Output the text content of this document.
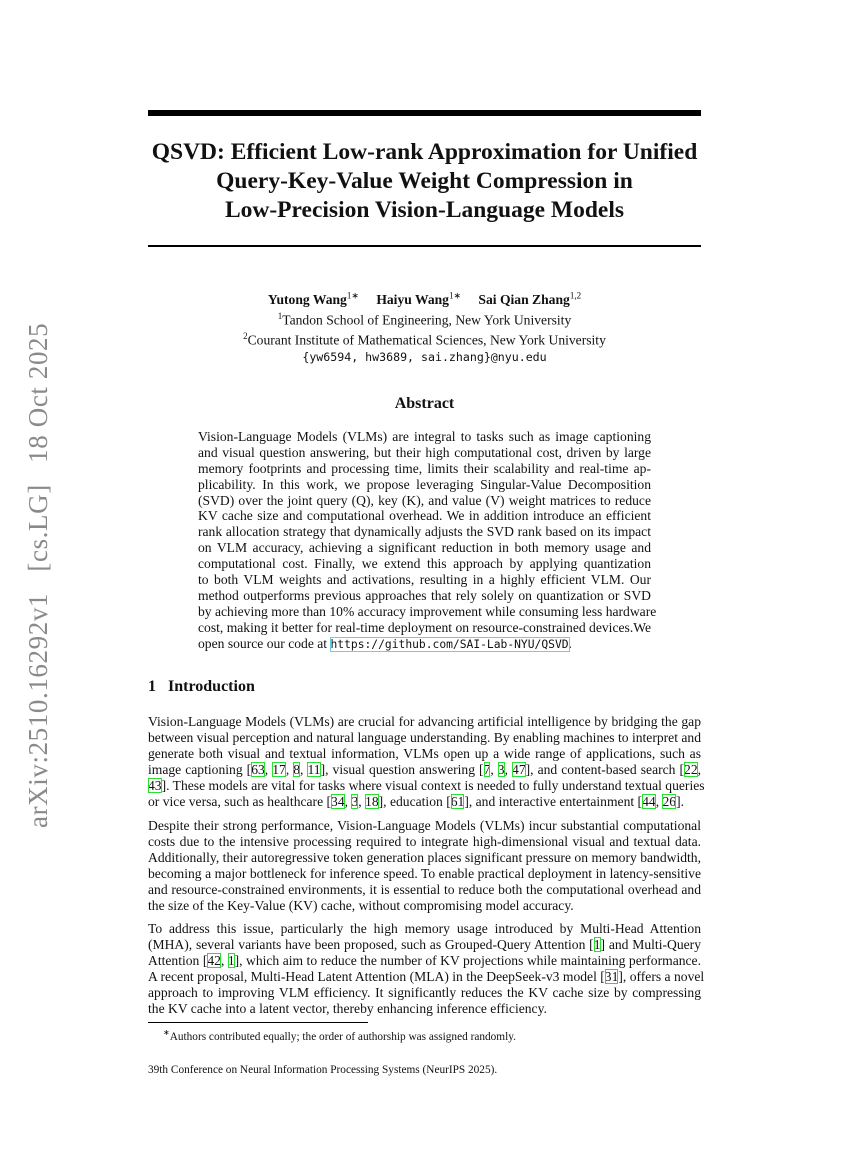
arXiv:2510.16292v1 [cs.LG] 18 Oct 2025
QSVD: Efficient Low-rank Approximation for Unified
Query-Key-Value Weight Compression in
Low-Precision Vision-Language Models
Yutong Wang$^{1∗}$ Haiyu Wang$^{1∗}$ Sai Qian Zhang$^{1,2}$
$^1$Tandon School of Engineering, New York University
$^2$Courant Institute of Mathematical Sciences, New York University
{yw6594, hw3689, sai.zhang}@nyu.edu
Abstract
Vision-Language Models (VLMs) are integral to tasks such as image captioning
and visual question answering, but their high computational cost, driven by large
memory footprints and processing time, limits their scalability and real-time ap-
plicability. In this work, we propose leveraging Singular-Value Decomposition
(SVD) over the joint query (Q), key (K), and value (V) weight matrices to reduce
KV cache size and computational overhead. We in addition introduce an efficient
rank allocation strategy that dynamically adjusts the SVD rank based on its impact
on VLM accuracy, achieving a significant reduction in both memory usage and
computational cost. Finally, we extend this approach by applying quantization
to both VLM weights and activations, resulting in a highly efficient VLM. Our
method outperforms previous approaches that rely solely on quantization or SVD
by achieving more than 10% accuracy improvement while consuming less hardware
cost, making it better for real-time deployment on resource-constrained devices.We
open source our code at https://github.com/SAI-Lab-NYU/QSVD.
1 Introduction
Vision-Language Models (VLMs) are crucial for advancing artificial intelligence by bridging the gap
between visual perception and natural language understanding. By enabling machines to interpret and
generate both visual and textual information, VLMs open up a wide range of applications, such as
image captioning [63, 17, 8, 11], visual question answering [7, 3, 47], and content-based search [22,
43]. These models are vital for tasks where visual context is needed to fully understand textual queries
or vice versa, such as healthcare [34, 3, 18], education [61], and interactive entertainment [44, 26].
Despite their strong performance, Vision-Language Models (VLMs) incur substantial computational
costs due to the intensive processing required to integrate high-dimensional visual and textual data.
Additionally, their autoregressive token generation places significant pressure on memory bandwidth,
becoming a major bottleneck for inference speed. To enable practical deployment in latency-sensitive
and resource-constrained environments, it is essential to reduce both the computational overhead and
the size of the Key-Value (KV) cache, without compromising model accuracy.
To address this issue, particularly the high memory usage introduced by Multi-Head Attention
(MHA), several variants have been proposed, such as Grouped-Query Attention [1] and Multi-Query
Attention [42, 1], which aim to reduce the number of KV projections while maintaining performance.
A recent proposal, Multi-Head Latent Attention (MLA) in the DeepSeek-v3 model [31], offers a novel
approach to improving VLM efficiency. It significantly reduces the KV cache size by compressing
the KV cache into a latent vector, thereby enhancing inference efficiency.
∗Authors contributed equally; the order of authorship was assigned randomly.
39th Conference on Neural Information Processing Systems (NeurIPS 2025).
